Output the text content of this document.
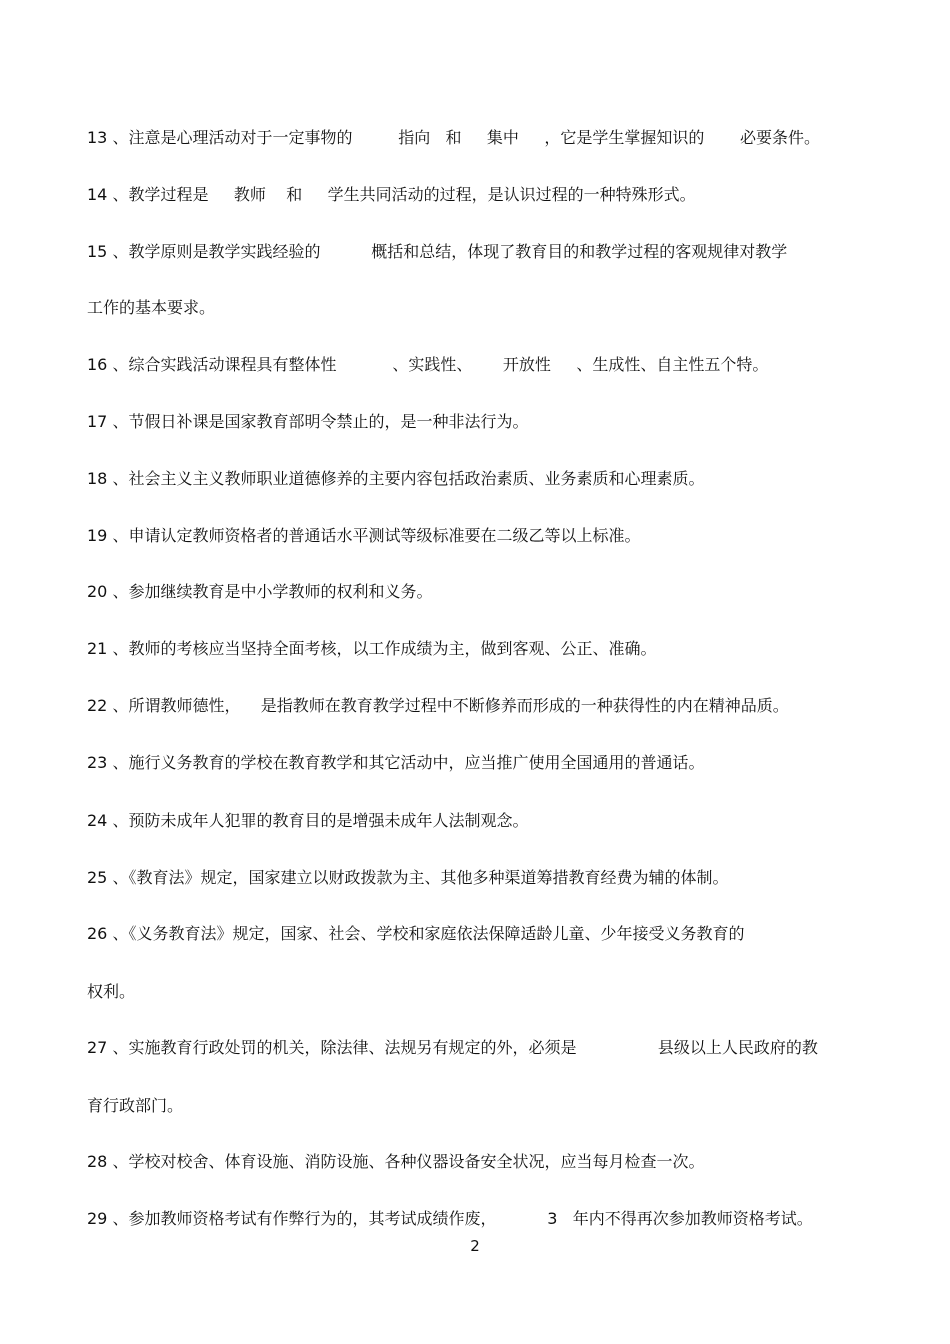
13 、注意是心理活动对于一定事物的         指向   和     集中     ，它是学生掌握知识的       必要条件。
14 、教学过程是     教师    和     学生共同活动的过程，是认识过程的一种特殊形式。
15 、教学原则是教学实践经验的          概括和总结，体现了教育目的和教学过程的客观规律对教学
工作的基本要求。
16 、综合实践活动课程具有整体性           、实践性、      开放性     、生成性、自主性五个特。
17 、节假日补课是国家教育部明令禁止的，是一种非法行为。
18 、社会主义主义教师职业道德修养的主要内容包括政治素质、业务素质和心理素质。
19 、申请认定教师资格者的普通话水平测试等级标准要在二级乙等以上标准。
20 、参加继续教育是中小学教师的权利和义务。
21 、教师的考核应当坚持全面考核，以工作成绩为主，做到客观、公正、准确。
22 、所谓教师德性，    是指教师在教育教学过程中不断修养而形成的一种获得性的内在精神品质。
23 、施行义务教育的学校在教育教学和其它活动中，应当推广使用全国通用的普通话。
24 、预防未成年人犯罪的教育目的是增强未成年人法制观念。
25 、《教育法》规定，国家建立以财政拨款为主、其他多种渠道筹措教育经费为辅的体制。
26 、《义务教育法》规定，国家、社会、学校和家庭依法保障适龄儿童、少年接受义务教育的
权利。
27 、实施教育行政处罚的机关，除法律、法规另有规定的外，必须是                县级以上人民政府的教
育行政部门。
28 、学校对校舍、体育设施、消防设施、各种仪器设备安全状况，应当每月检查一次。
29 、参加教师资格考试有作弊行为的，其考试成绩作废，          3   年内不得再次参加教师资格考试。
2
